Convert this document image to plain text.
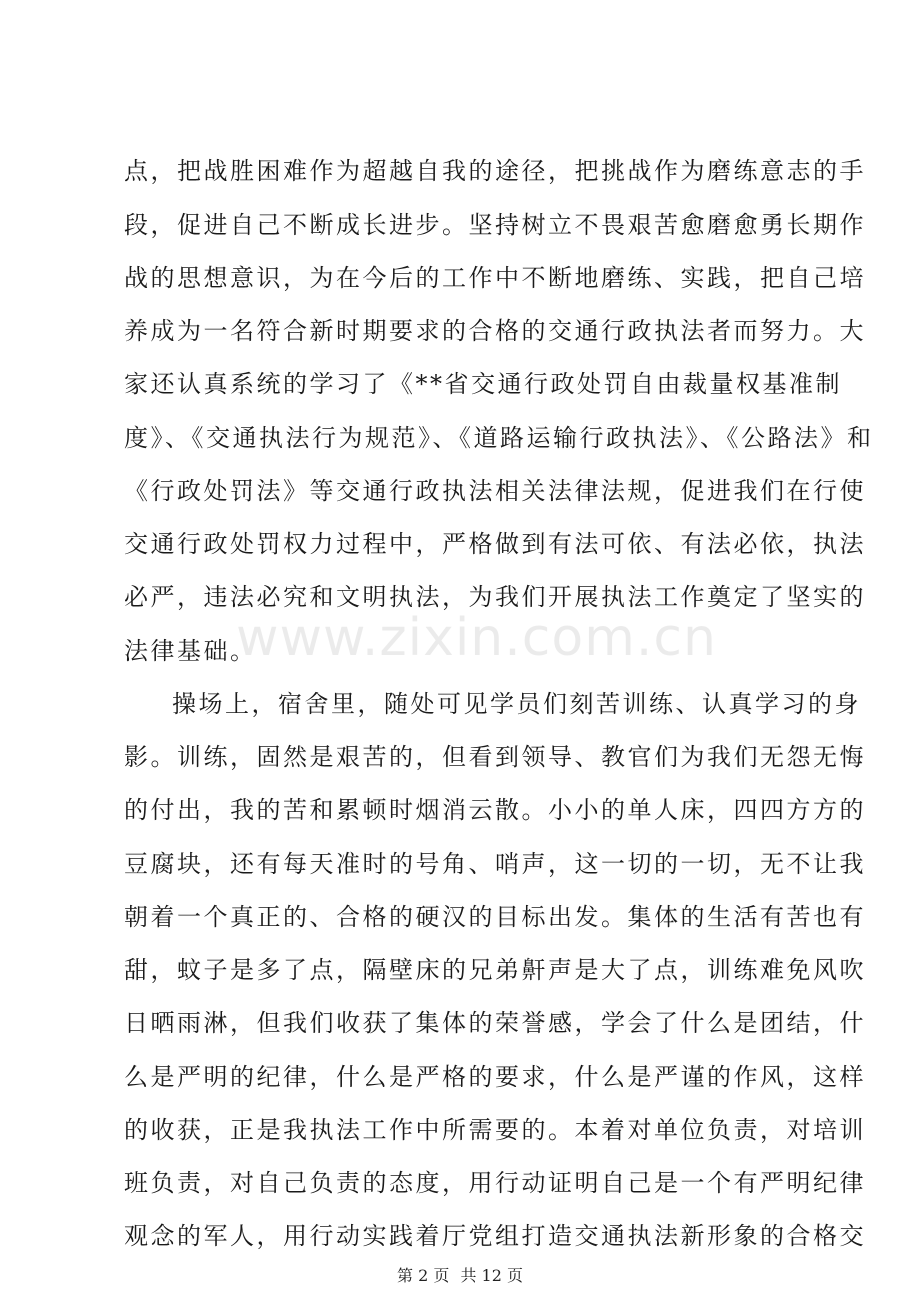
点，把战胜困难作为超越自我的途径，把挑战作为磨练意志的手
段，促进自己不断成长进步。坚持树立不畏艰苦愈磨愈勇长期作
战的思想意识，为在今后的工作中不断地磨练、实践，把自己培
养成为一名符合新时期要求的合格的交通行政执法者而努力。大
家还认真系统的学习了《**省交通行政处罚自由裁量权基准制
度》、《交通执法行为规范》、《道路运输行政执法》、《公路法》和
《行政处罚法》等交通行政执法相关法律法规，促进我们在行使
交通行政处罚权力过程中，严格做到有法可依、有法必依，执法
必严，违法必究和文明执法，为我们开展执法工作奠定了坚实的
法律基础。
www.zixin.com.cn
操场上，宿舍里，随处可见学员们刻苦训练、认真学习的身
影。训练，固然是艰苦的，但看到领导、教官们为我们无怨无悔
的付出，我的苦和累顿时烟消云散。小小的单人床，四四方方的
豆腐块，还有每天准时的号角、哨声，这一切的一切，无不让我
朝着一个真正的、合格的硬汉的目标出发。集体的生活有苦也有
甜，蚊子是多了点，隔壁床的兄弟鼾声是大了点，训练难免风吹
日晒雨淋，但我们收获了集体的荣誉感，学会了什么是团结，什
么是严明的纪律，什么是严格的要求，什么是严谨的作风，这样
的收获，正是我执法工作中所需要的。本着对单位负责，对培训
班负责，对自己负责的态度，用行动证明自己是一个有严明纪律
观念的军人，用行动实践着厅党组打造交通执法新形象的合格交
第 2 页 共 12 页
